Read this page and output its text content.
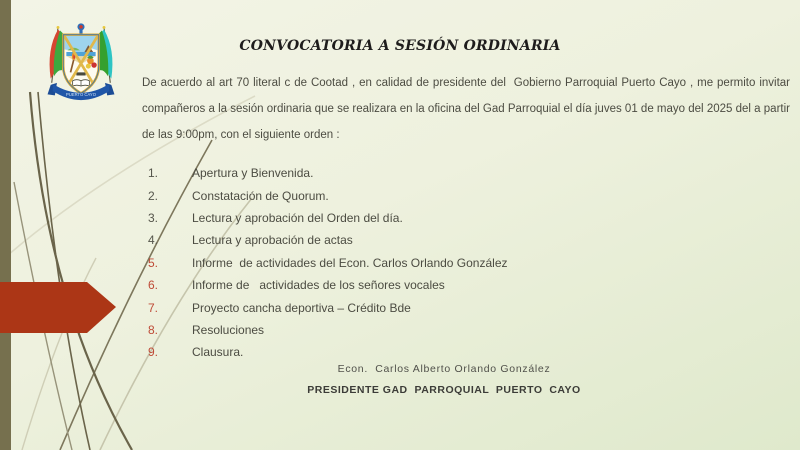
PUERTO CAYO
CONVOCATORIA A SESIÓN ORDINARIA
De acuerdo al art 70 literal c de Cootad , en calidad de presidente del  Gobierno Parroquial Puerto Cayo , me permito invitar  compañeros a la sesión ordinaria que se realizara en la oficina del Gad Parroquial el día juves 01 de mayo del 2025 del a partir de las 9:00pm, con el siguiente orden :
1.	Apertura y Bienvenida.
2.	Constatación de Quorum.
3.	Lectura y aprobación del Orden del día.
4.	Lectura y aprobación de actas
5.	Informe  de actividades del Econ. Carlos Orlando González
6.	Informe de   actividades de los señores vocales
7.	Proyecto cancha deportiva – Crédito Bde
8.	Resoluciones
9.	Clausura.
Econ.  Carlos Alberto Orlando González
PRESIDENTE GAD  PARROQUIAL  PUERTO  CAYO
